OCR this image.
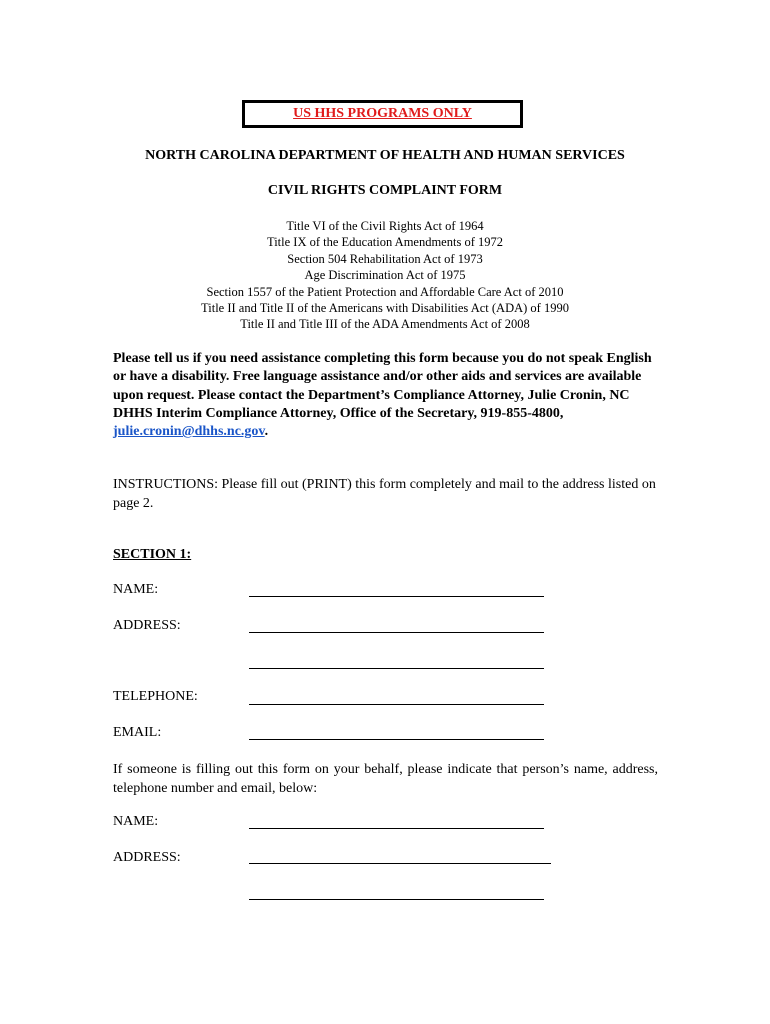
US HHS PROGRAMS ONLY
NORTH CAROLINA DEPARTMENT OF HEALTH AND HUMAN SERVICES
CIVIL RIGHTS COMPLAINT FORM
Title VI of the Civil Rights Act of 1964
Title IX of the Education Amendments of 1972
Section 504 Rehabilitation Act of 1973
Age Discrimination Act of 1975
Section 1557 of the Patient Protection and Affordable Care Act of 2010
Title II and Title II of the Americans with Disabilities Act (ADA) of 1990
Title II and Title III of the ADA Amendments Act of 2008
Please tell us if you need assistance completing this form because you do not speak English or have a disability. Free language assistance and/or other aids and services are available upon request. Please contact the Department’s Compliance Attorney, Julie Cronin, NC DHHS Interim Compliance Attorney, Office of the Secretary, 919-855-4800, julie.cronin@dhhs.nc.gov.
INSTRUCTIONS: Please fill out (PRINT) this form completely and mail to the address listed on page 2.
SECTION 1:
NAME:
ADDRESS:
TELEPHONE:
EMAIL:
If someone is filling out this form on your behalf, please indicate that person’s name, address, telephone number and email, below:
NAME:
ADDRESS:
